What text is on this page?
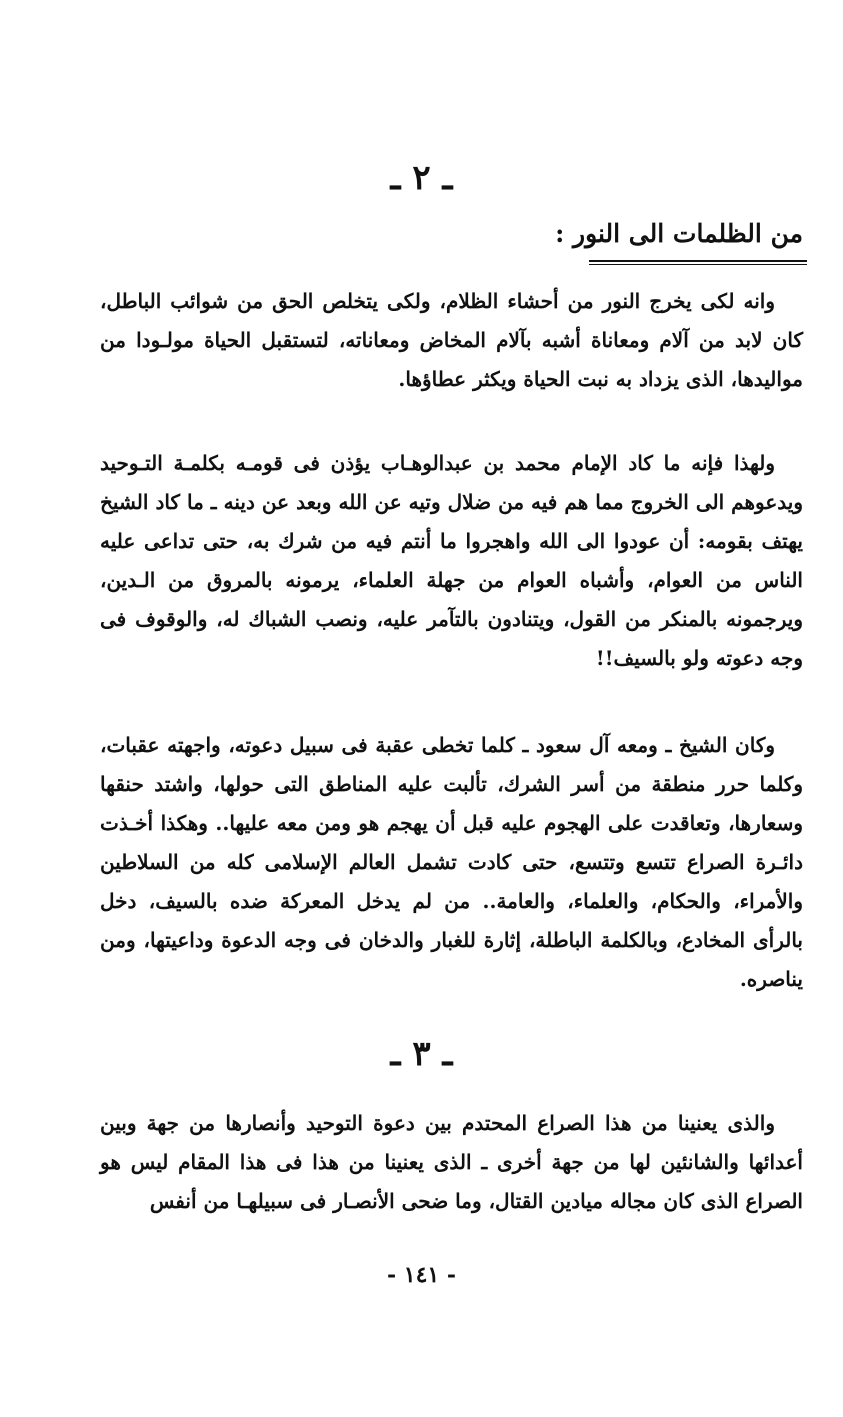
ـ ٢ ـ
من الظلمات الى النور :

وانه لكى يخرج النور من أحشاء الظلام، ولكى يتخلص الحق من شوائب الباطل، كان لابد من آلام ومعاناة أشبه بآلام المخاض ومعاناته، لتستقبل الحياة مولـودا من مواليدها، الذى يزداد به نبت الحياة ويكثر عطاؤها.

ولهذا فإنه ما كاد الإمام محمد بن عبدالوهـاب يؤذن فى قومـه بكلمـة التـوحيد ويدعوهم الى الخروج مما هم فيه من ضلال وتيه عن الله وبعد عن دينه ـ ما كاد الشيخ يهتف بقومه: أن عودوا الى الله واهجروا ما أنتم فيه من شرك به، حتى تداعى عليه الناس من العوام، وأشباه العوام من جهلة العلماء، يرمونه بالمروق من الـدين، ويرجمونه بالمنكر من القول، ويتنادون بالتآمر عليه، ونصب الشباك له، والوقوف فى وجه دعوته ولو بالسيف!!

وكان الشيخ ـ ومعه آل سعود ـ كلما تخطى عقبة فى سبيل دعوته، واجهته عقبات، وكلما حرر منطقة من أسر الشرك، تألبت عليه المناطق التى حولها، واشتد حنقها وسعارها، وتعاقدت على الهجوم عليه قبل أن يهجم هو ومن معه عليها.. وهكذا أخـذت دائـرة الصراع تتسع وتتسع، حتى كادت تشمل العالم الإسلامى كله من السلاطين والأمراء، والحكام، والعلماء، والعامة.. من لم يدخل المعركة ضده بالسيف، دخل بالرأى المخادع، وبالكلمة الباطلة، إثارة للغبار والدخان فى وجه الدعوة وداعيتها، ومن يناصره.

ـ ٣ ـ

والذى يعنينا من هذا الصراع المحتدم بين دعوة التوحيد وأنصارها من جهة وبين أعدائها والشانئين لها من جهة أخرى ـ الذى يعنينا من هذا فى هذا المقام ليس هو الصراع الذى كان مجاله ميادين القتال، وما ضحى الأنصـار فى سبيلهـا من أنفس

- ١٤١ -
